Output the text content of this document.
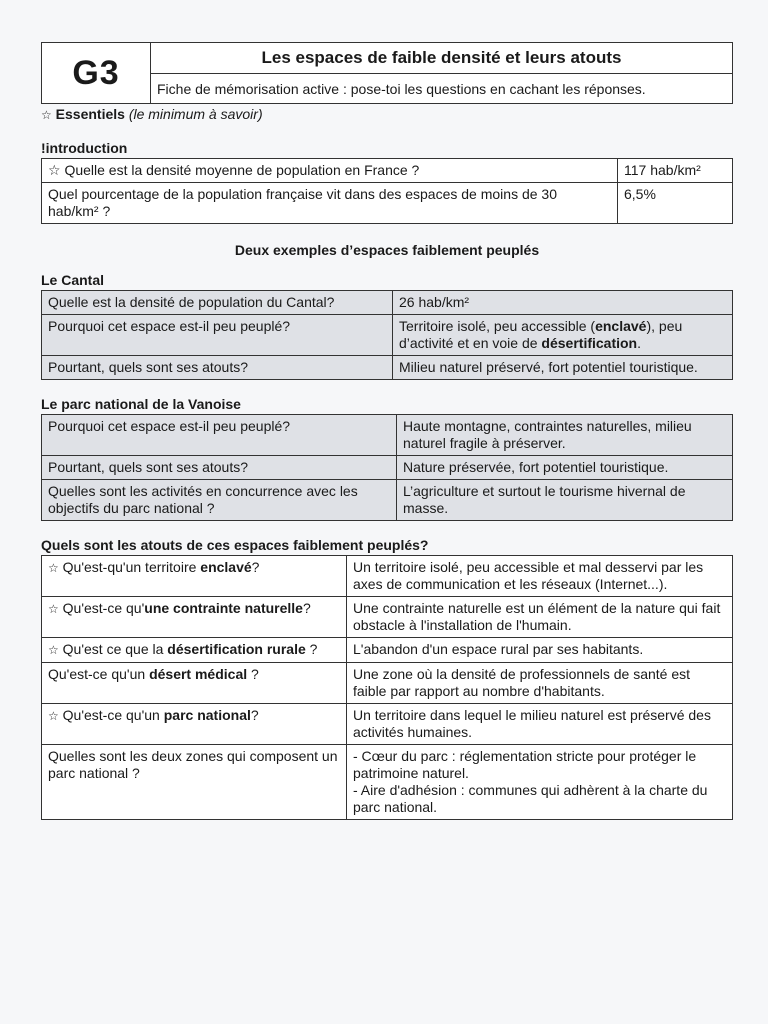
G3	Les espaces de faible densité et leurs atouts
Fiche de mémorisation active : pose-toi les questions en cachant les réponses.
☆ Essentiels (le minimum à savoir)
!introduction
☆ Quelle est la densité moyenne de population en France ?	117 hab/km²
Quel pourcentage de la population française vit dans des espaces de moins de 30 hab/km² ?	6,5%
Deux exemples d’espaces faiblement peuplés
Le Cantal
Quelle est la densité de population du Cantal?	26 hab/km²
Pourquoi cet espace est-il peu peuplé?	Territoire isolé, peu accessible (enclavé), peu d’activité et en voie de désertification.
Pourtant, quels sont ses atouts?	Milieu naturel préservé, fort potentiel touristique.
Le parc national de la Vanoise
Pourquoi cet espace est-il peu peuplé?	Haute montagne, contraintes naturelles, milieu naturel fragile à préserver.
Pourtant, quels sont ses atouts?	Nature préservée, fort potentiel touristique.
Quelles sont les activités en concurrence avec les objectifs du parc national ?	L’agriculture et surtout le tourisme hivernal de masse.
Quels sont les atouts de ces espaces faiblement peuplés?
☆ Qu'est-qu'un territoire enclavé?	Un territoire isolé, peu accessible et mal desservi par les axes de communication et les réseaux (Internet...).
☆ Qu'est-ce qu'une contrainte naturelle?	Une contrainte naturelle est un élément de la nature qui fait obstacle à l'installation de l'humain.
☆ Qu'est ce que la désertification rurale ?	L'abandon d'un espace rural par ses habitants.
Qu'est-ce qu'un désert médical ?	Une zone où la densité de professionnels de santé est faible par rapport au nombre d'habitants.
☆ Qu'est-ce qu'un parc national?	Un territoire dans lequel le milieu naturel est préservé des activités humaines.
Quelles sont les deux zones qui composent un parc national ?	- Cœur du parc : réglementation stricte pour protéger le patrimoine naturel.
- Aire d'adhésion : communes qui adhèrent à la charte du parc national.
